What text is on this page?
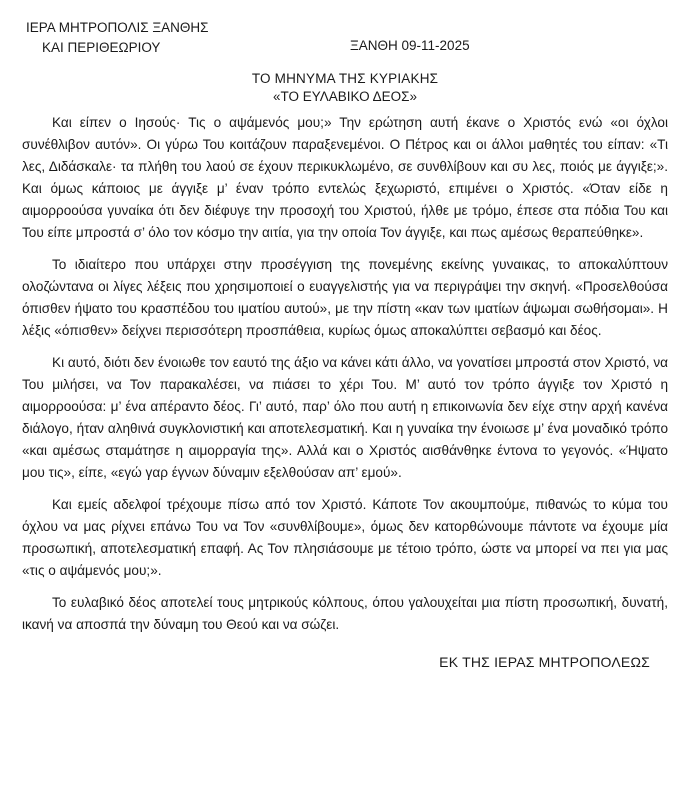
ΙΕΡΑ ΜΗΤΡΟΠΟΛΙΣ ΞΑΝΘΗΣ
ΚΑΙ ΠΕΡΙΘΕΩΡΙΟΥ	ΞΑΝΘΗ 09-11-2025
ΤΟ ΜΗΝΥΜΑ ΤΗΣ ΚΥΡΙΑΚΗΣ
«ΤΟ ΕΥΛΑΒΙΚΟ ΔΕΟΣ»

Και είπεν ο Ιησούς· Τις ο αψάμενός μου;» Την ερώτηση αυτή έκανε ο Χριστός ενώ «οι όχλοι συνέθλιβον αυτόν». Οι γύρω Του κοιτάζουν παραξενεμένοι. Ο Πέτρος και οι άλλοι μαθητές του είπαν: «Τι λες, Διδάσκαλε· τα πλήθη του λαού σε έχουν περικυκλωμένο, σε συνθλίβουν και συ λες, ποιός με άγγιξε;». Και όμως κάποιος με άγγιξε μ’ έναν τρόπο εντελώς ξεχωριστό, επιμένει ο Χριστός. «Όταν είδε η αιμορροούσα γυναίκα ότι δεν διέφυγε την προσοχή του Χριστού, ήλθε με τρόμο, έπεσε στα πόδια Του και Του είπε μπροστά σ’ όλο τον κόσμο την αιτία, για την οποία Τον άγγιξε, και πως αμέσως θεραπεύθηκε».

Το ιδιαίτερο που υπάρχει στην προσέγγιση της πονεμένης εκείνης γυναικας, το αποκαλύπτουν ολοζώντανα οι λίγες λέξεις που χρησιμοποιεί ο ευαγγελιστής για να περιγράψει την σκηνή. «Προσελθούσα όπισθεν ήψατο του κρασπέδου του ιματίου αυτού», με την πίστη «καν των ιματίων άψωμαι σωθήσομαι». Η λέξις «όπισθεν» δείχνει περισσότερη προσπάθεια, κυρίως όμως αποκαλύπτει σεβασμό και δέος.

Κι αυτό, διότι δεν ένοιωθε τον εαυτό της άξιο να κάνει κάτι άλλο, να γονατίσει μπροστά στον Χριστό, να Του μιλήσει, να Τον παρακαλέσει, να πιάσει το χέρι Του. Μ’ αυτό τον τρόπο άγγιξε τον Χριστό η αιμορροούσα: μ’ ένα απέραντο δέος. Γι’ αυτό, παρ’ όλο που αυτή η επικοινωνία δεν είχε στην αρχή κανένα διάλογο, ήταν αληθινά συγκλονιστική και αποτελεσματική. Και η γυναίκα την ένοιωσε μ’ ένα μοναδικό τρόπο «και αμέσως σταμάτησε η αιμορραγία της». Αλλά και ο Χριστός αισθάνθηκε έντονα το γεγονός. «Ήψατο μου τις», είπε, «εγώ γαρ έγνων δύναμιν εξελθούσαν απ’ εμού».

Και εμείς αδελφοί τρέχουμε πίσω από τον Χριστό. Κάποτε Τον ακουμπούμε, πιθανώς το κύμα του όχλου να μας ρίχνει επάνω Του να Τον «συνθλίβουμε», όμως δεν κατορθώνουμε πάντοτε να έχουμε μία προσωπική, αποτελεσματική επαφή. Ας Τον πλησιάσουμε με τέτοιο τρόπο, ώστε να μπορεί να πει για μας «τις ο αψάμενός μου;».

Το ευλαβικό δέος αποτελεί τους μητρικούς κόλπους, όπου γαλουχείται μια πίστη προσωπική, δυνατή, ικανή να αποσπά την δύναμη του Θεού και να σώζει.

ΕΚ ΤΗΣ ΙΕΡΑΣ ΜΗΤΡΟΠΟΛΕΩΣ
